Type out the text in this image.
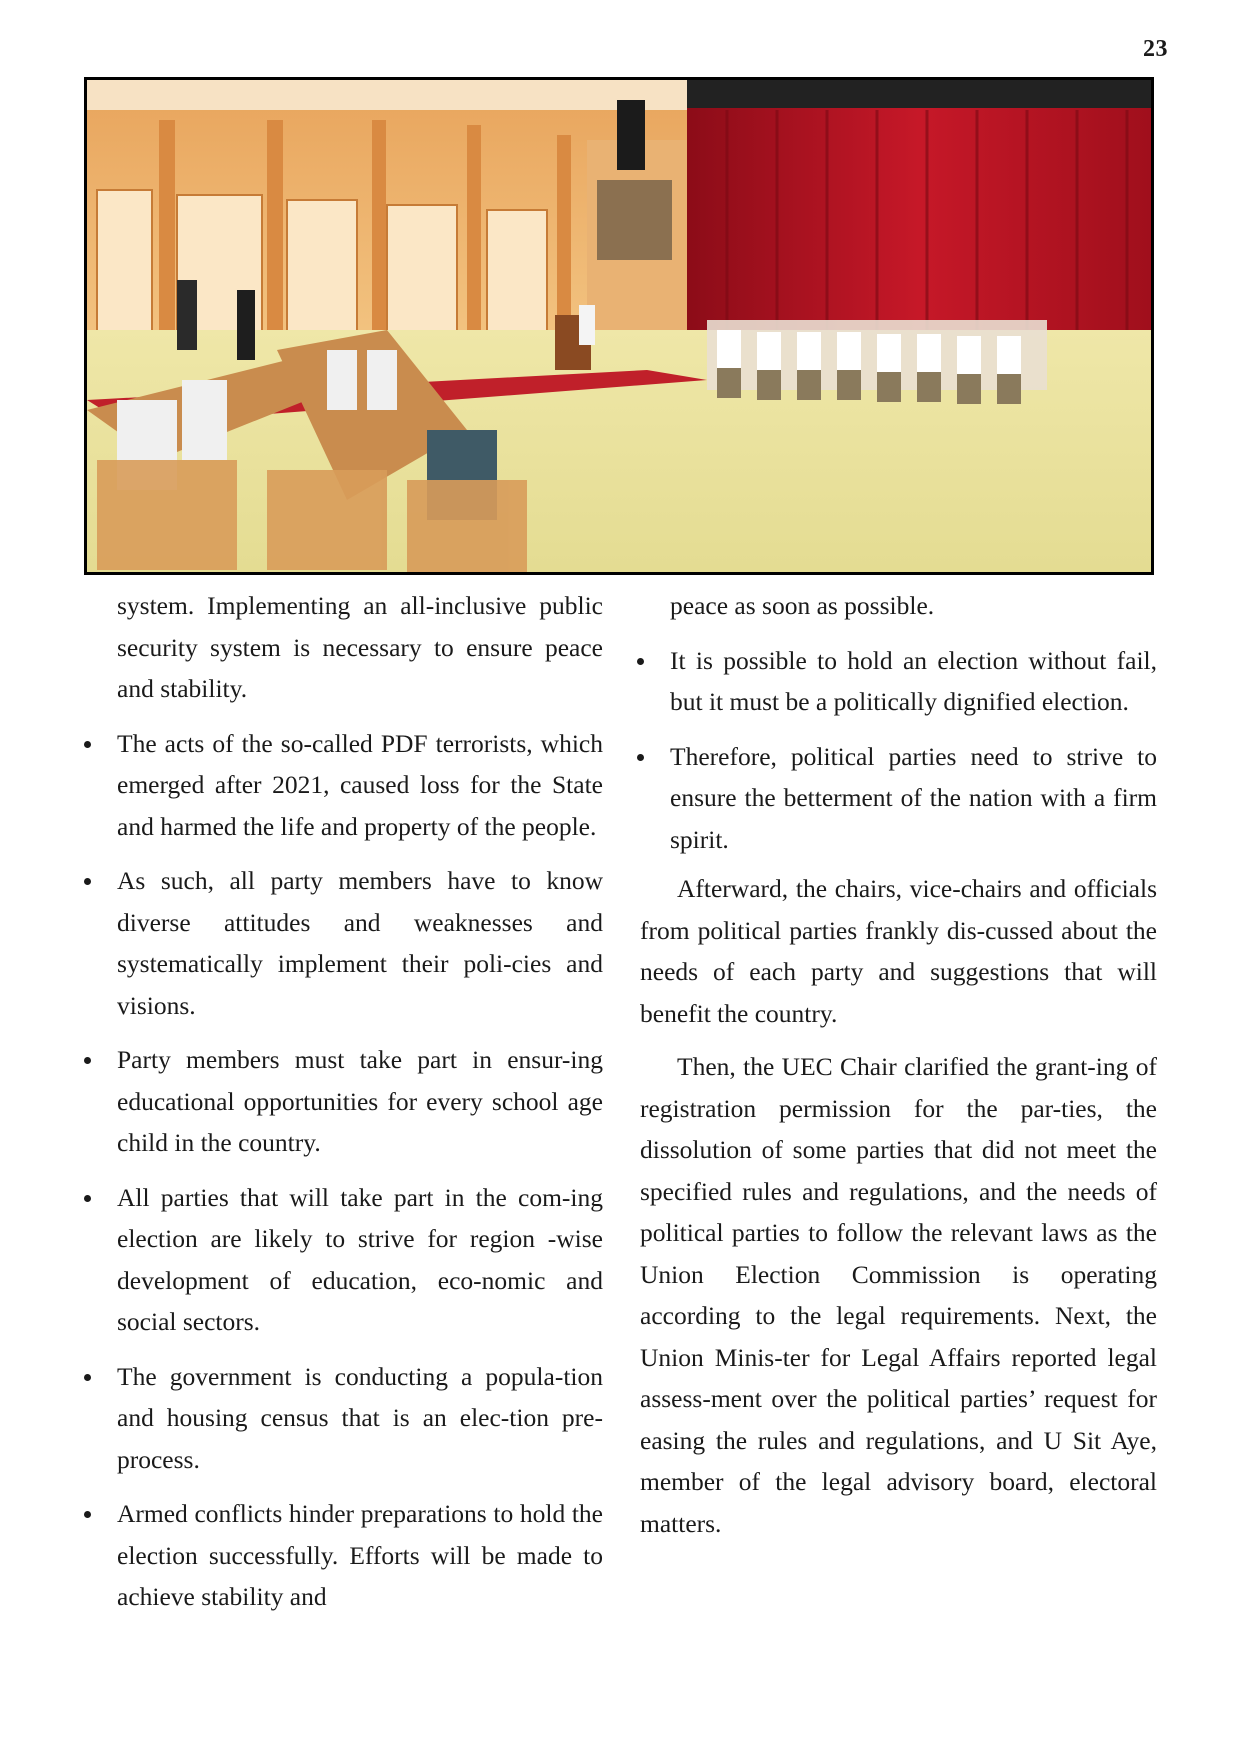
23

system. Implementing an all-inclusive public security system is necessary to ensure peace and stability.

The acts of the so-called PDF terrorists, which emerged after 2021, caused loss for the State and harmed the life and property of the people.
As such, all party members have to know diverse attitudes and weaknesses and systematically implement their poli-cies and visions.
Party members must take part in ensur-ing educational opportunities for every school age child in the country.
All parties that will take part in the com-ing election are likely to strive for region -wise development of education, eco-nomic and social sectors.
The government is conducting a popula-tion and housing census that is an elec-tion pre-process.
Armed conflicts hinder preparations to hold the election successfully. Efforts will be made to achieve stability and

peace as soon as possible.

It is possible to hold an election without fail, but it must be a politically dignified election.
Therefore, political parties need to strive to ensure the betterment of the nation with a firm spirit.

Afterward, the chairs, vice-chairs and officials from political parties frankly dis-cussed about the needs of each party and suggestions that will benefit the country.

Then, the UEC Chair clarified the grant-ing of registration permission for the par-ties, the dissolution of some parties that did not meet the specified rules and regulations, and the needs of political parties to follow the relevant laws as the Union Election Commission is operating according to the legal requirements. Next, the Union Minis-ter for Legal Affairs reported legal assess-ment over the political parties’ request for easing the rules and regulations, and U Sit Aye, member of the legal advisory board, electoral matters.
